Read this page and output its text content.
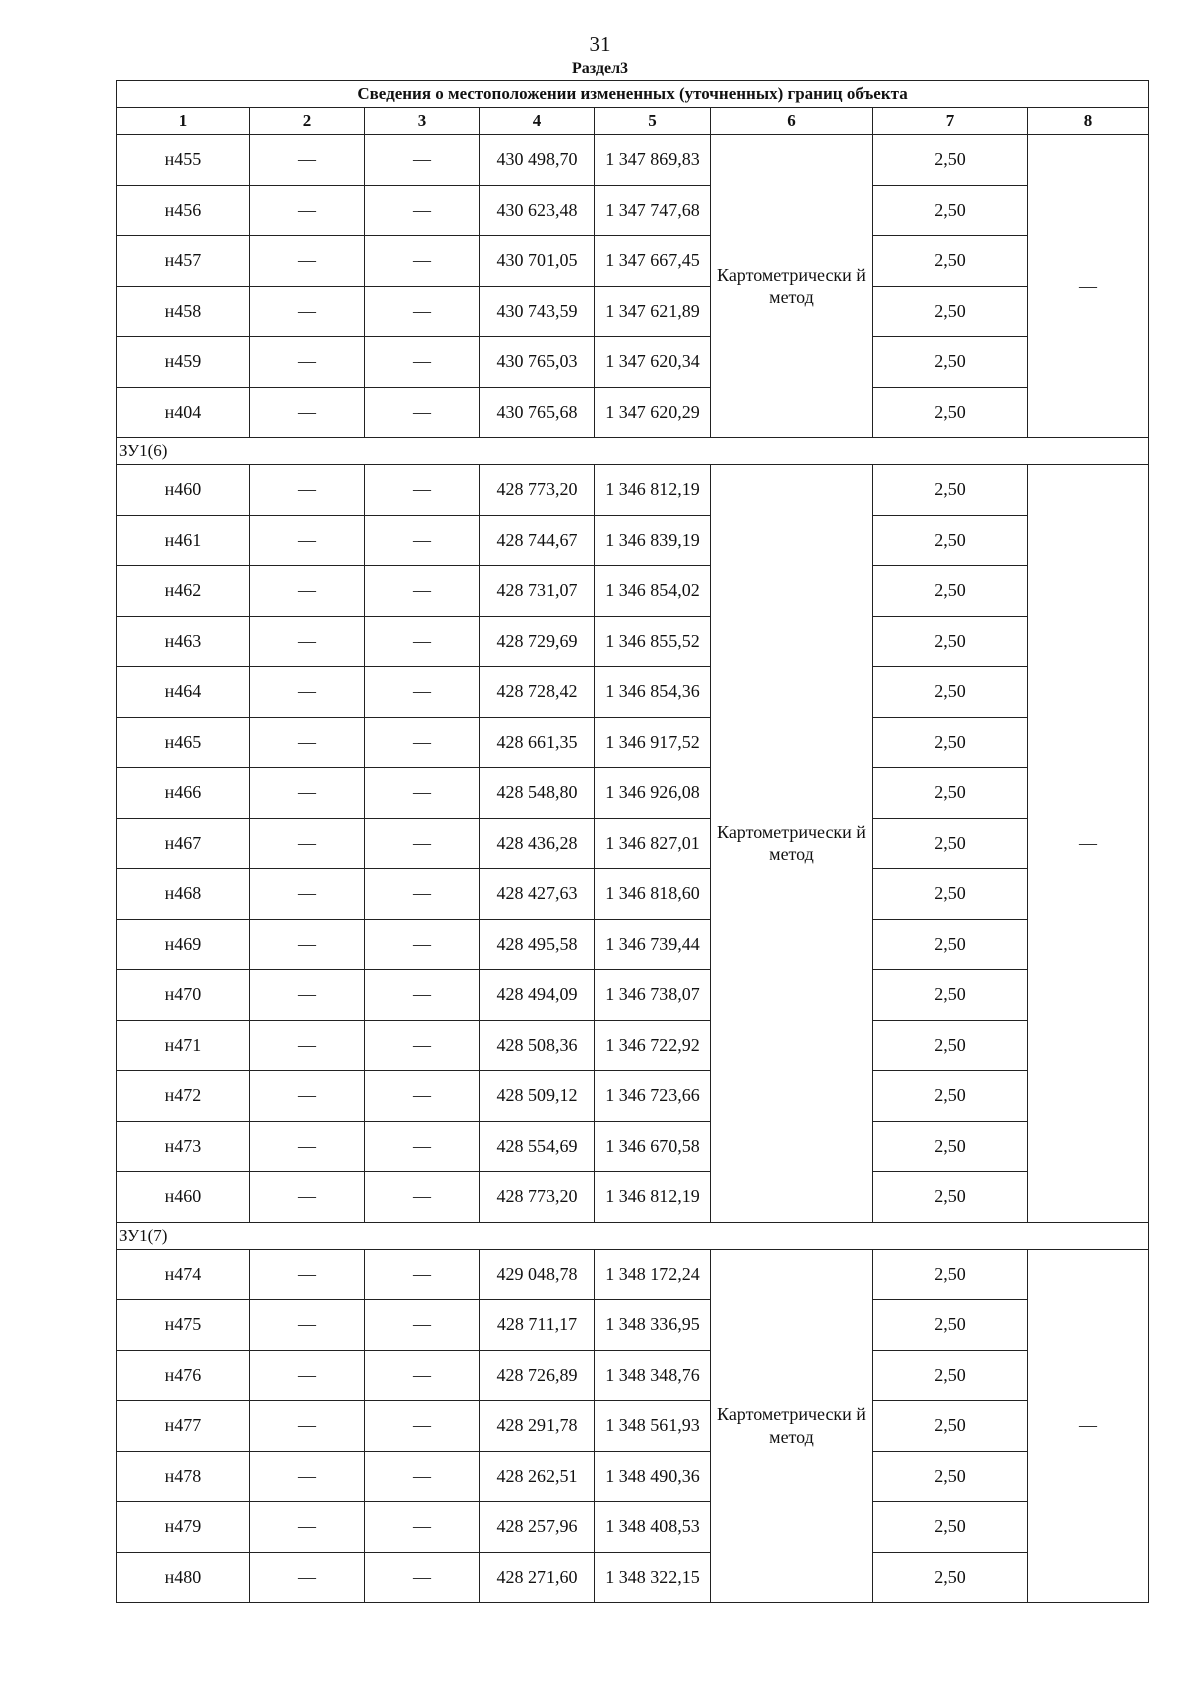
31
Раздел3
Сведения о местоположении измененных (уточненных) границ объекта							
1	2	3	4	5	6	7	8
н455	—	—	430 498,70	1 347 869,83	Картометрически й метод	2,50	—
н456	—	—	430 623,48	1 347 747,68		2,50	
н457	—	—	430 701,05	1 347 667,45		2,50	
н458	—	—	430 743,59	1 347 621,89		2,50	
н459	—	—	430 765,03	1 347 620,34		2,50	
н404	—	—	430 765,68	1 347 620,29		2,50	
ЗУ1(6)							
н460	—	—	428 773,20	1 346 812,19	Картометрически й метод	2,50	—
н461	—	—	428 744,67	1 346 839,19		2,50	
н462	—	—	428 731,07	1 346 854,02		2,50	
н463	—	—	428 729,69	1 346 855,52		2,50	
н464	—	—	428 728,42	1 346 854,36		2,50	
н465	—	—	428 661,35	1 346 917,52		2,50	
н466	—	—	428 548,80	1 346 926,08		2,50	
н467	—	—	428 436,28	1 346 827,01		2,50	
н468	—	—	428 427,63	1 346 818,60		2,50	
н469	—	—	428 495,58	1 346 739,44		2,50	
н470	—	—	428 494,09	1 346 738,07		2,50	
н471	—	—	428 508,36	1 346 722,92		2,50	
н472	—	—	428 509,12	1 346 723,66		2,50	
н473	—	—	428 554,69	1 346 670,58		2,50	
н460	—	—	428 773,20	1 346 812,19		2,50	
ЗУ1(7)							
н474	—	—	429 048,78	1 348 172,24	Картометрически й метод	2,50	—
н475	—	—	428 711,17	1 348 336,95		2,50	
н476	—	—	428 726,89	1 348 348,76		2,50	
н477	—	—	428 291,78	1 348 561,93		2,50	
н478	—	—	428 262,51	1 348 490,36		2,50	
н479	—	—	428 257,96	1 348 408,53		2,50	
н480	—	—	428 271,60	1 348 322,15		2,50	
